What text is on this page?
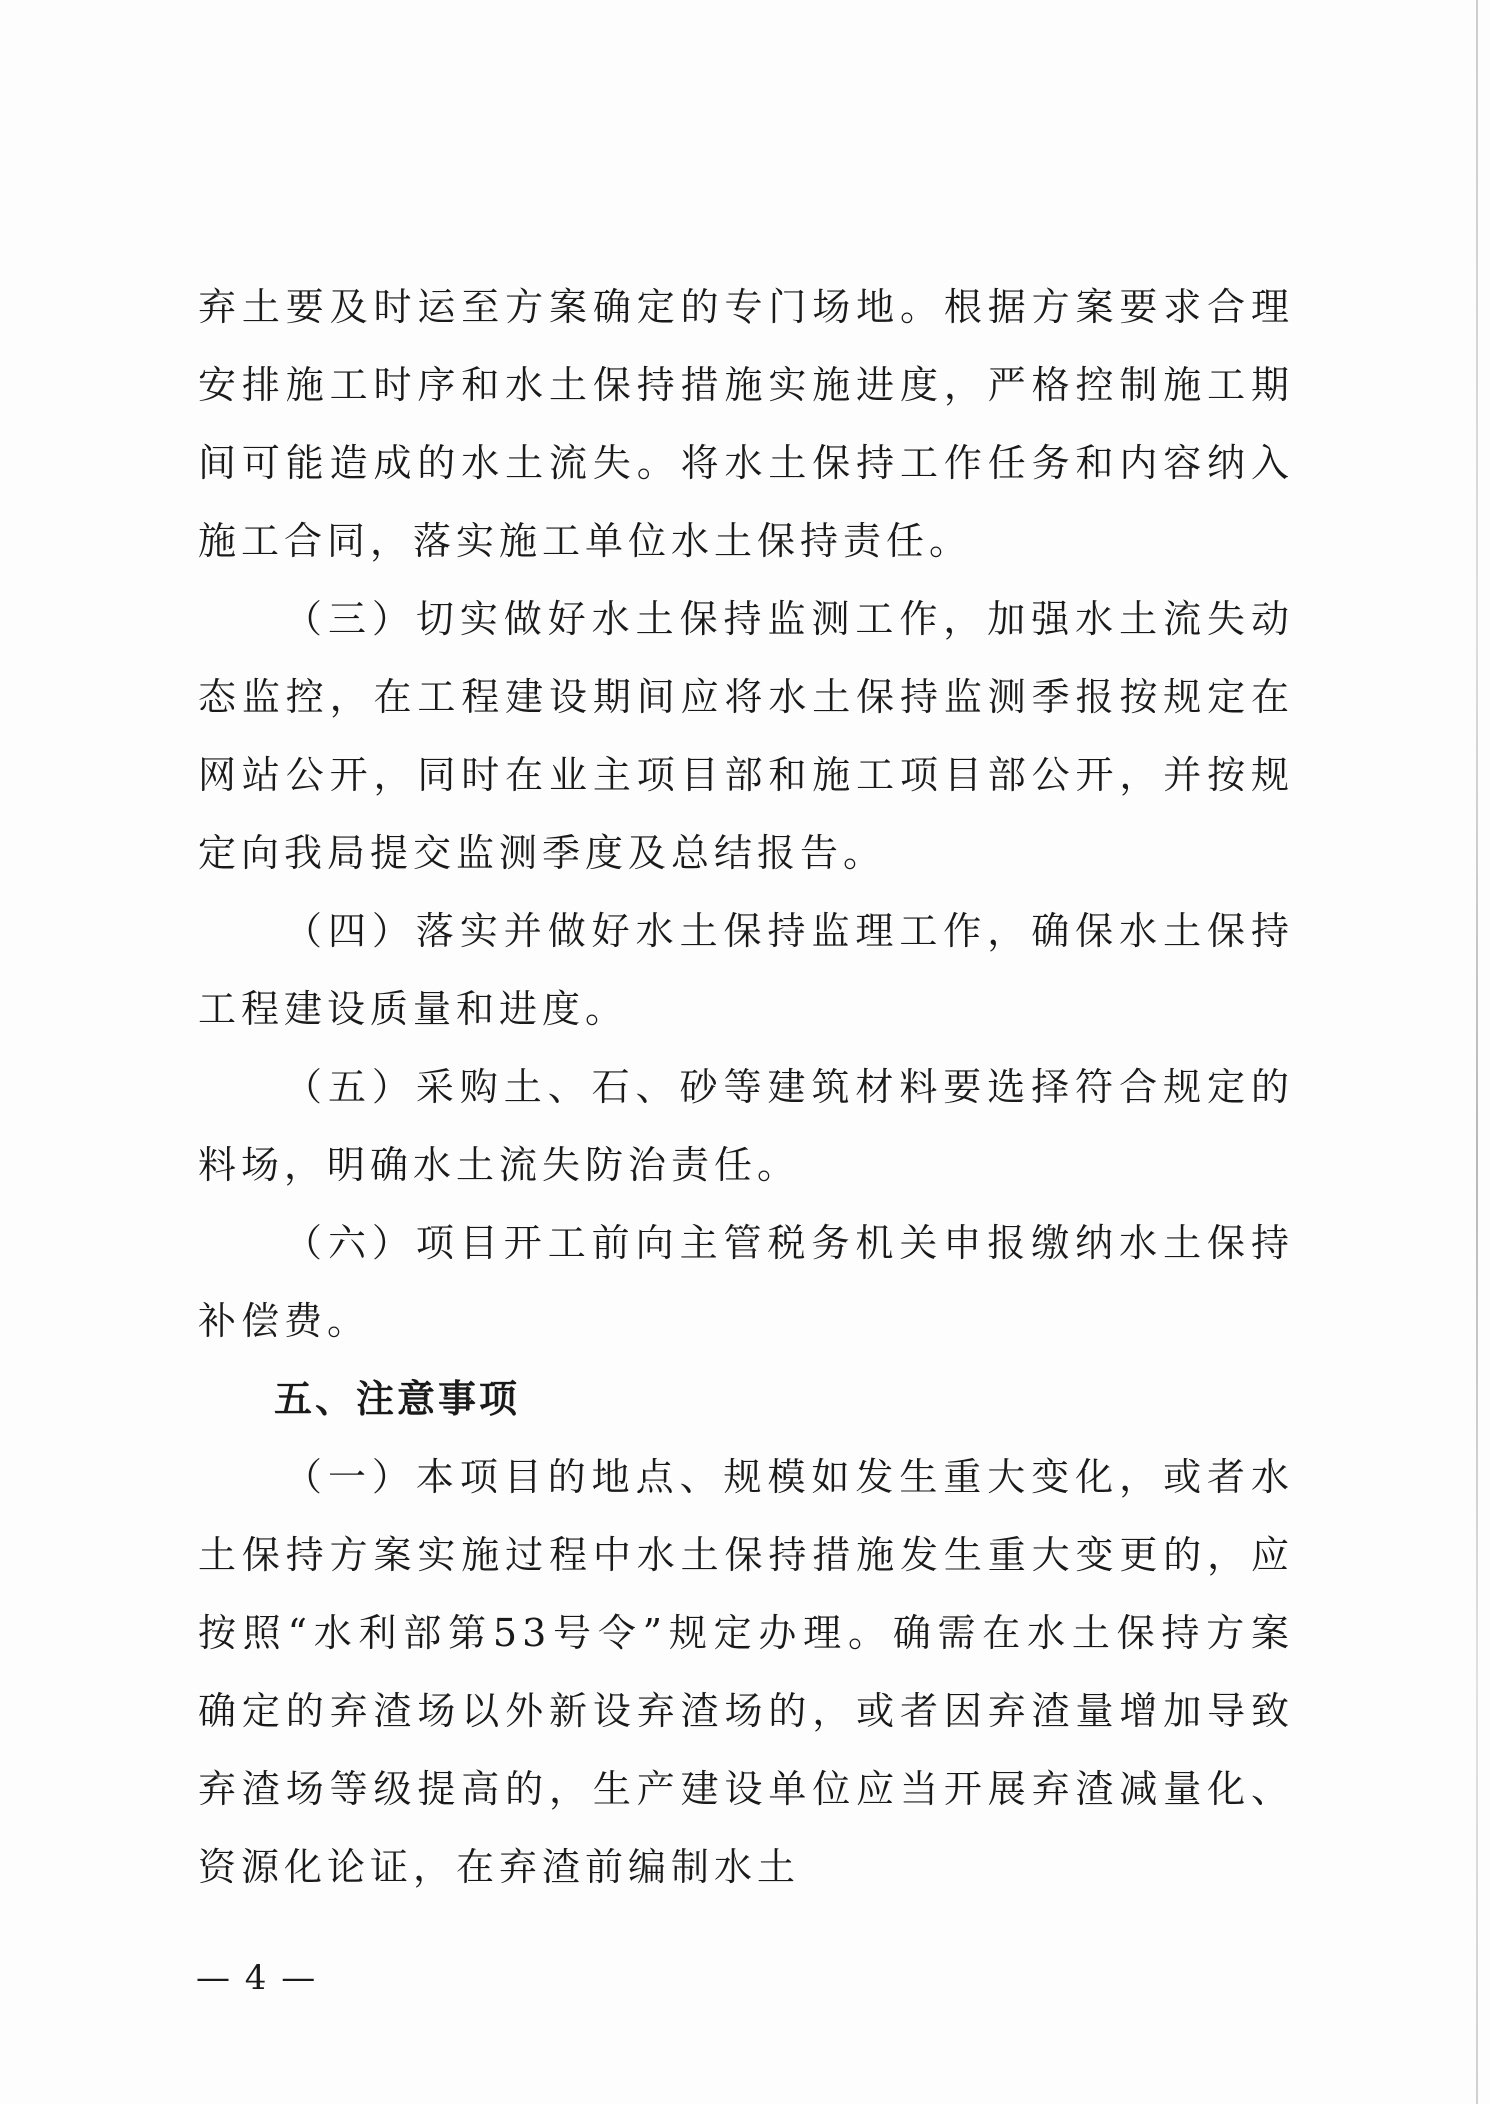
弃土要及时运至方案确定的专门场地。根据方案要求合理安排施工时序和水土保持措施实施进度，严格控制施工期间可能造成的水土流失。将水土保持工作任务和内容纳入施工合同，落实施工单位水土保持责任。

（三）切实做好水土保持监测工作，加强水土流失动态监控，在工程建设期间应将水土保持监测季报按规定在网站公开，同时在业主项目部和施工项目部公开，并按规定向我局提交监测季度及总结报告。

（四）落实并做好水土保持监理工作，确保水土保持工程建设质量和进度。

（五）采购土、石、砂等建筑材料要选择符合规定的料场，明确水土流失防治责任。

（六）项目开工前向主管税务机关申报缴纳水土保持补偿费。

五、注意事项

（一）本项目的地点、规模如发生重大变化，或者水土保持方案实施过程中水土保持措施发生重大变更的，应按照“水利部第53号令”规定办理。确需在水土保持方案确定的弃渣场以外新设弃渣场的，或者因弃渣量增加导致弃渣场等级提高的，生产建设单位应当开展弃渣减量化、资源化论证，在弃渣前编制水土

— 4 —
